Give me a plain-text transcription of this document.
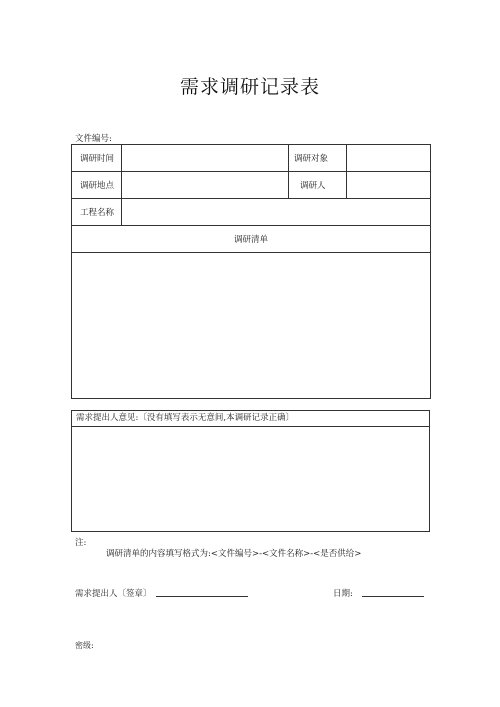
需求调研记录表
文件编号:
调研时间		调研对象	
调研地点		调研人	
工程名称			
调研清单			

需求提出人意见:〔没有填写表示无意间,本调研记录正确〕
注:
调研清单的内容填写格式为:<文件编号>-<文件名称>-<是否供给>
需求提出人〔签章〕	日期:
密级:
